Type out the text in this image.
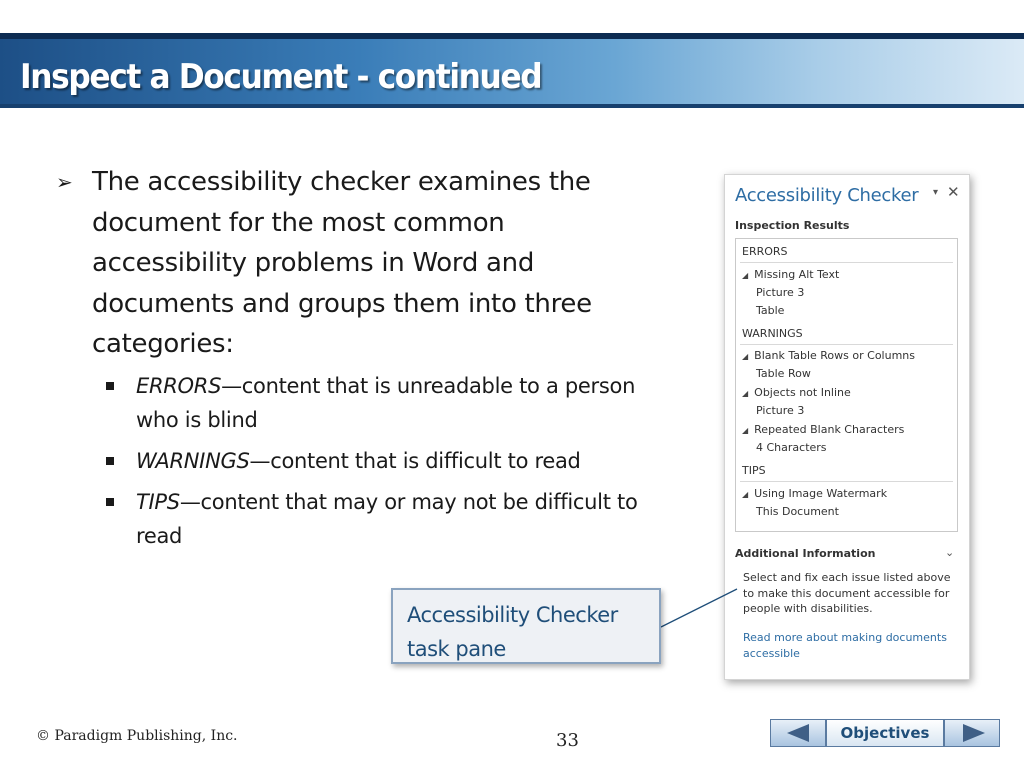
Inspect a Document - continued
➢ The accessibility checker examines the document for the most common accessibility problems in Word and documents and groups them into three categories:
ERRORS—content that is unreadable to a person who is blind
WARNINGS—content that is difficult to read
TIPS—content that may or may not be difficult to read
Accessibility Checker ▾ ✕
Inspection Results
ERRORS
◢ Missing Alt Text
Picture 3
Table
WARNINGS
◢ Blank Table Rows or Columns
Table Row
◢ Objects not Inline
Picture 3
◢ Repeated Blank Characters
4 Characters
TIPS
◢ Using Image Watermark
This Document
Additional Information	⌄
Select and fix each issue listed above to make this document accessible for people with disabilities.
Read more about making documents accessible
Accessibility Checker
task pane
© Paradigm Publishing, Inc.	33	Objectives
